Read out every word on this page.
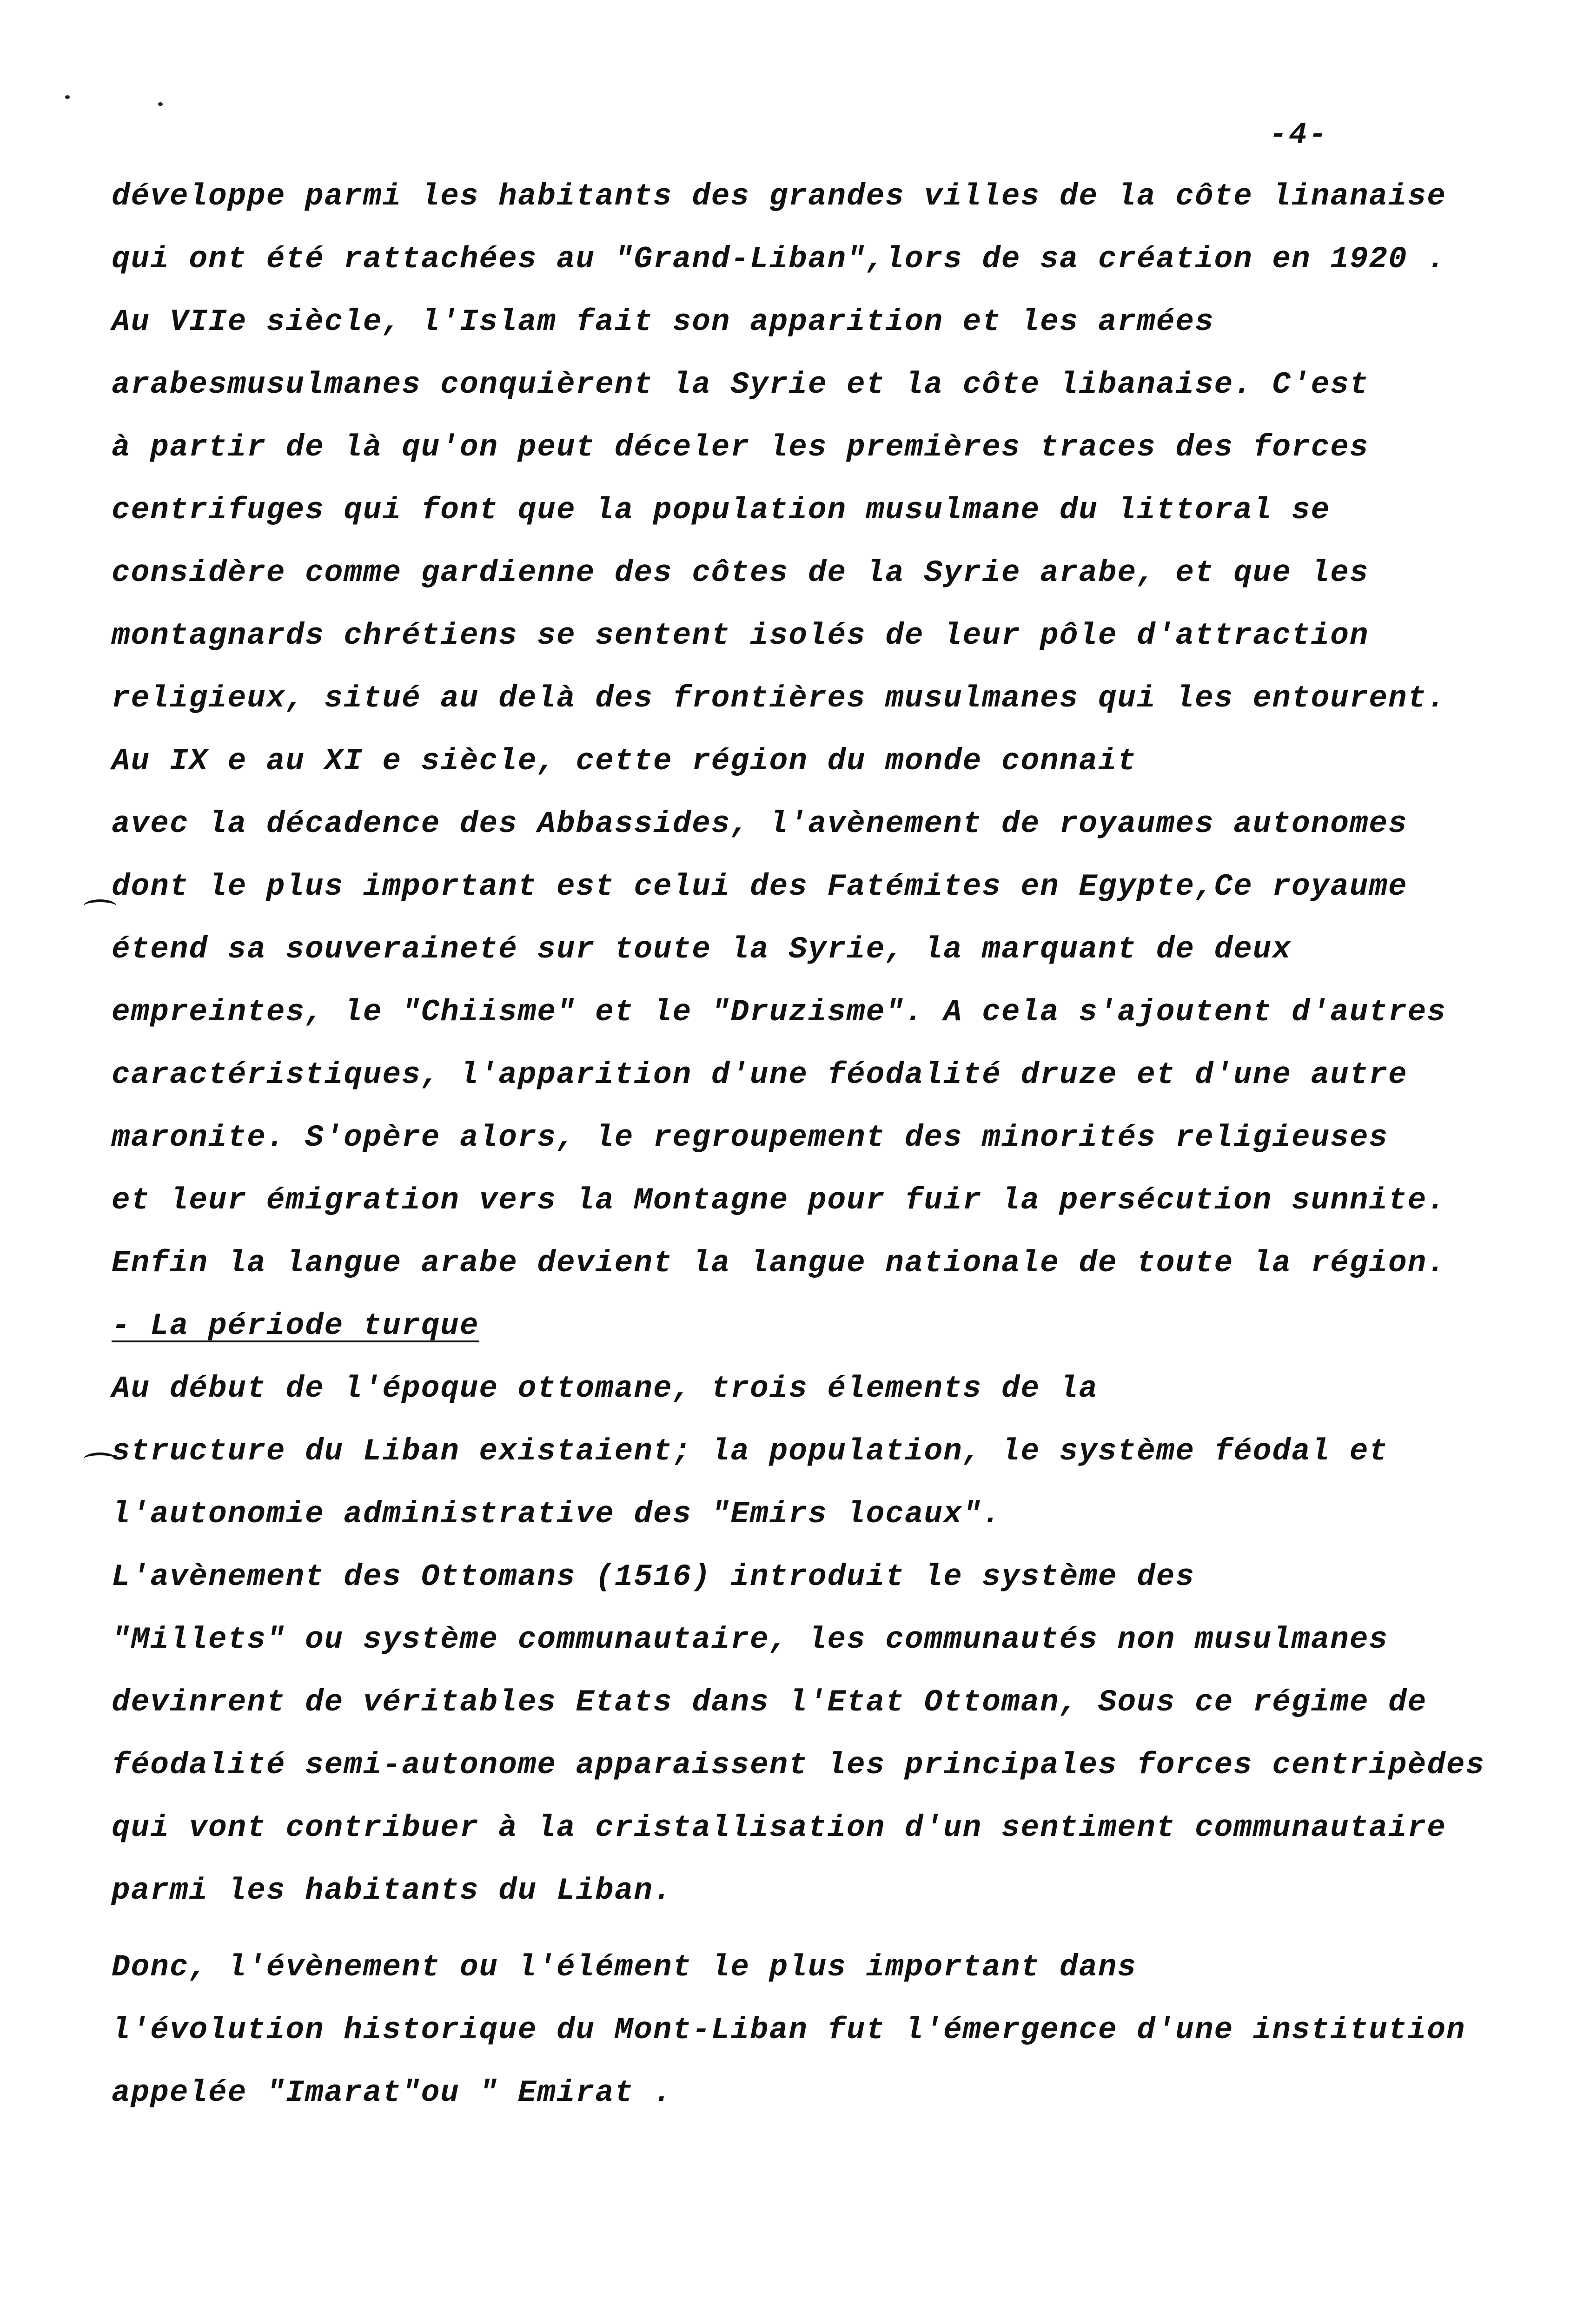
-4-
développe parmi les habitants des grandes villes de la côte linanaise
qui ont été rattachées au "Grand-Liban",lors de sa création en 1920 .
Au VIIe siècle, l'Islam fait son apparition et les armées
arabesmusulmanes conquièrent la Syrie et la côte libanaise. C'est
à partir de là qu'on peut déceler les premières traces des forces
centrifuges qui font que la population musulmane du littoral se
considère comme gardienne des côtes de la Syrie arabe, et que les
montagnards chrétiens se sentent isolés de leur pôle d'attraction
religieux, situé au delà des frontières musulmanes qui les entourent.
Au IX e au XI e siècle, cette région du monde connait
avec la décadence des Abbassides, l'avènement de royaumes autonomes
dont le plus important est celui des Fatémites en Egypte,Ce royaume
étend sa souveraineté sur toute la Syrie, la marquant de deux
empreintes, le "Chiisme" et le "Druzisme". A cela s'ajoutent d'autres
caractéristiques, l'apparition d'une féodalité druze et d'une autre
maronite. S'opère alors, le regroupement des minorités religieuses
et leur émigration vers la Montagne pour fuir la persécution sunnite.
Enfin la langue arabe devient la langue nationale de toute la région.
- La période turque
Au début de l'époque ottomane, trois élements de la
structure du Liban existaient; la population, le système féodal et
l'autonomie administrative des "Emirs locaux".
L'avènement des Ottomans (1516) introduit le système des
"Millets" ou système communautaire, les communautés non musulmanes
devinrent de véritables Etats dans l'Etat Ottoman, Sous ce régime de
féodalité semi-autonome apparaissent les principales forces centripèdes
qui vont contribuer à la cristallisation d'un sentiment communautaire
parmi les habitants du Liban.
Donc, l'évènement ou l'élément le plus important dans
l'évolution historique du Mont-Liban fut l'émergence d'une institution
appelée "Imarat"ou " Emirat .
